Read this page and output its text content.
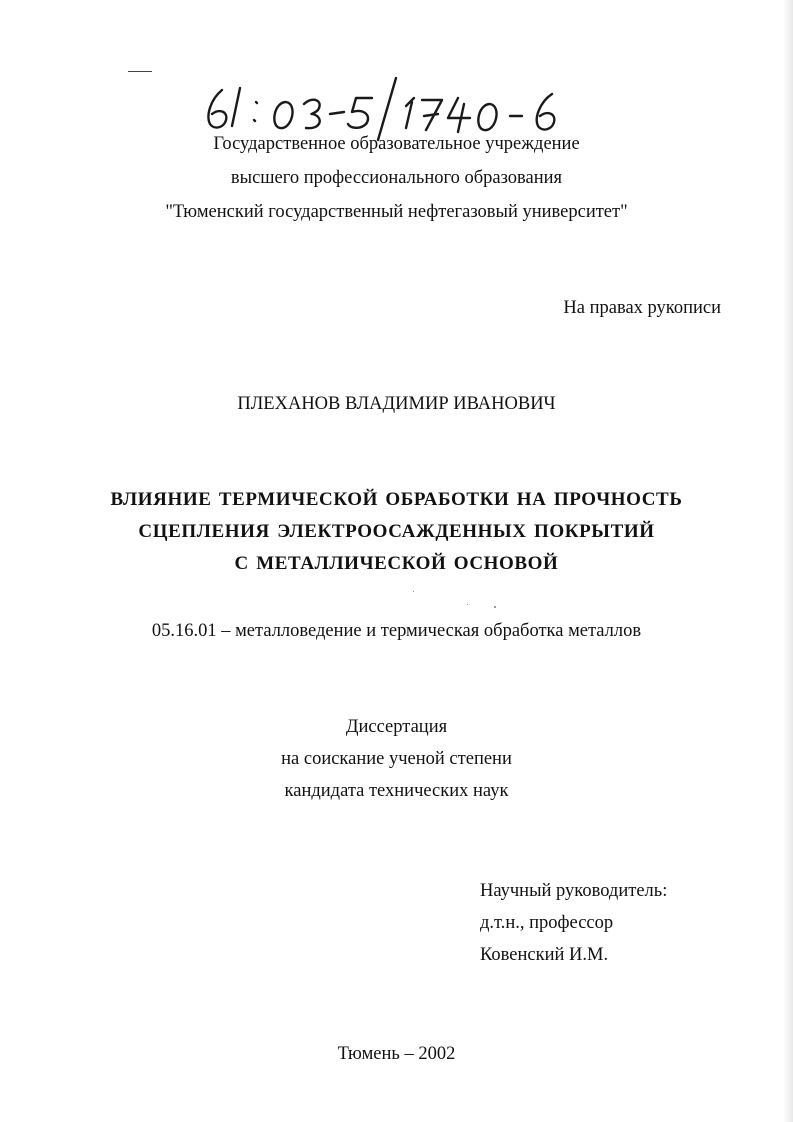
Государственное образовательное учреждение
высшего профессионального образования
"Тюменский государственный нефтегазовый университет"
На правах рукописи
ПЛЕХАНОВ ВЛАДИМИР ИВАНОВИЧ
ВЛИЯНИЕ ТЕРМИЧЕСКОЙ ОБРАБОТКИ НА ПРОЧНОСТЬ
СЦЕПЛЕНИЯ ЭЛЕКТРООСАЖДЕННЫХ ПОКРЫТИЙ
С МЕТАЛЛИЧЕСКОЙ ОСНОВОЙ
05.16.01 – металловедение и термическая обработка металлов
Диссертация
на соискание ученой степени
кандидата технических наук
Научный руководитель:
д.т.н., профессор
Ковенский И.М.
Тюмень – 2002
